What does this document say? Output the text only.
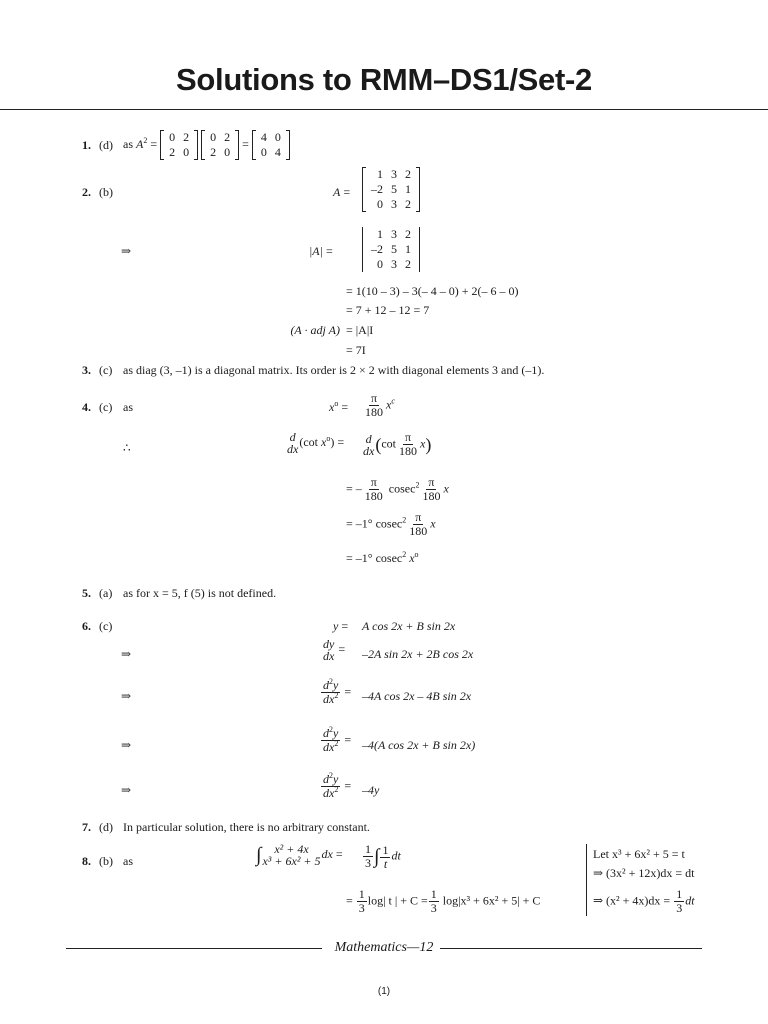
Solutions to RMM–DS1/Set-2
1. (d) as $A^2 = 0$	2
2	0

0	2
2	0
= 4	0
0	4
2. (b)	A =
1	3	2
–2	5	1
0	3	2
⇒	|A| =
1	3	2
–2	5	1
0	3	2
= 1(10 – 3) – 3(– 4 – 0) + 2(– 6 – 0)
= 7 + 12 – 12 = 7
(A · adj A) = |A|I
= 7I
3. (c) as diag (3, –1) is a diagonal matrix. Its order is 2 × 2 with diagonal elements 3 and (–1).
4. (c) as	$x^o = \frac{\pi}{180} x^c$
∴
d
dx
(cot $x^o) = d$
dx $(\cot \frac{\pi}{180} x)$
= – $\frac{\pi}{180} cosec^2 \frac{\pi}{180}$ x
= –1° $cosec^2 \frac{\pi}{180}$ x
= –1° cosec$^2$ $x^o$
5. (a) as for x = 5, f (5) is not defined.
6. (c)	y = A cos 2x + B sin 2x
⇒
dy
dx
= –2A sin 2x + 2B cos 2x
⇒	$\frac{d^2y}{dx^2} = -4A$ cos 2x – 4B sin 2x
⇒	$\frac{d^2y}{dx^2} = -4(A$ cos 2x + B sin 2x)
⇒	$\frac{d^2y}{dx^2} = -4y$
7. (d) In particular solution, there is no arbitrary constant.
8. (b) as	∫ x² + 4x
x³ + 6x² + 5
dx = $\frac{1}{3}$ ∫ $\frac{1}{t}$ dt
= $\frac{1}{3} \log|$ t | + $C = \frac{1}{3} \log|x^3 + 6x^2 + 5| + C$
Let x³ + 6x² + 5 = t
⇒ (3x² + 12x)dx = dt
⇒ $(x^2 + 4x)dx = \frac{1}{3}$ dt
Mathematics—12
(1)
